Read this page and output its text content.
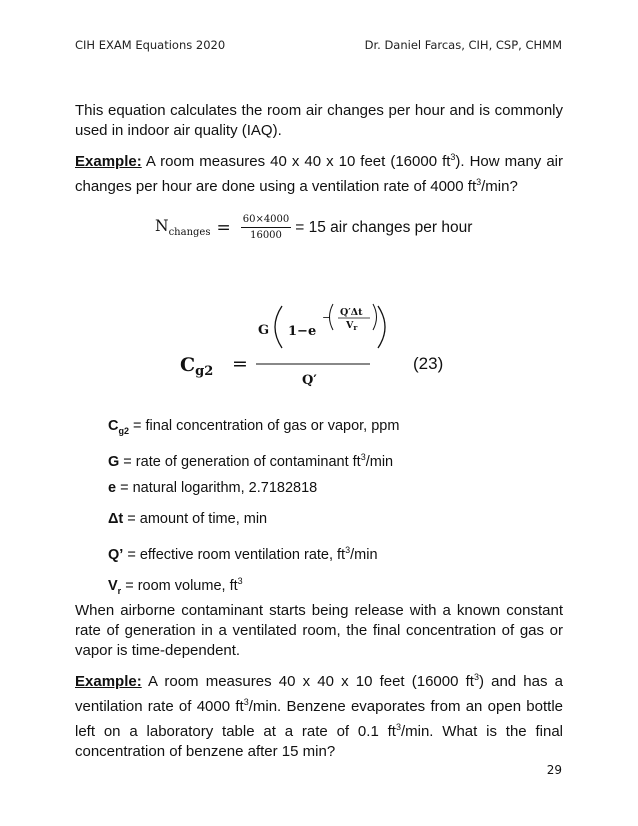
CIH EXAM Equations 2020	Dr. Daniel Farcas, CIH, CSP, CHMM
This equation calculates the room air changes per hour and is commonly used in indoor air quality (IAQ).
Example: A room measures 40 x 40 x 10 feet (16000 $ft^3$). How many air changes per hour are done using a ventilation rate of 4000 $ft^3/\min$?
$N_{changes} = \frac{60\times 4000}{16000} = 15$ air changes per hour
$C_{g2}$ =
G 1−e
− Q′Δt
$V_r$
Q′
(23)
$C_{g2}$ = final concentration of gas or vapor, ppm
G = rate of generation of contaminant $ft^3/\min$
e = natural logarithm, 2.7182818
Δt = amount of time, min
Q’ = effective room ventilation rate, $ft^3/\min$
$V_r$ = room volume, $ft^3$
When airborne contaminant starts being release with a known constant rate of generation in a ventilated room, the final concentration of gas or vapor is time-dependent.
Example: A room measures 40 x 40 x 10 feet (16000 $ft^3$) and has a ventilation rate of 4000 $ft^3/\min$. Benzene evaporates from an open bottle left on a laboratory table at a rate of 0.1 $ft^3/\min$. What is the final concentration of benzene after 15 min?
29
